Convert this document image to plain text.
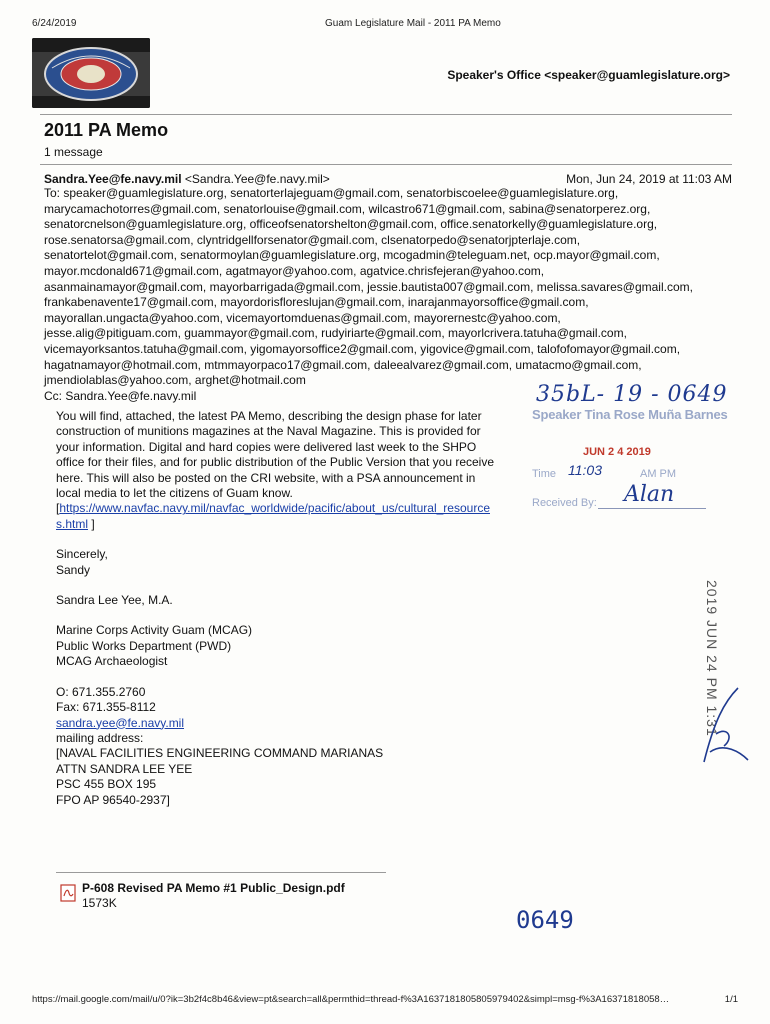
6/24/2019	Guam Legislature Mail - 2011 PA Memo
Speaker's Office <speaker@guamlegislature.org>
2011 PA Memo
1 message
Sandra.Yee@fe.navy.mil <Sandra.Yee@fe.navy.mil>	Mon, Jun 24, 2019 at 11:03 AM
To: speaker@guamlegislature.org, senatorterlajeguam@gmail.com, senatorbiscoelee@guamlegislature.org,
marycamachotorres@gmail.com, senatorlouise@gmail.com, wilcastro671@gmail.com, sabina@senatorperez.org,
senatorcnelson@guamlegislature.org, officeofsenatorshelton@gmail.com, office.senatorkelly@guamlegislature.org,
rose.senatorsa@gmail.com, clyntridgellforsenator@gmail.com, clsenatorpedo@senatorjpterlaje.com,
senatortelot@gmail.com, senatormoylan@guamlegislature.org, mcogadmin@teleguam.net, ocp.mayor@gmail.com,
mayor.mcdonald671@gmail.com, agatmayor@yahoo.com, agatvice.chrisfejeran@yahoo.com,
asanmainamayor@gmail.com, mayorbarrigada@gmail.com, jessie.bautista007@gmail.com, melissa.savares@gmail.com,
frankabenavente17@gmail.com, mayordorisfloreslujan@gmail.com, inarajanmayorsoffice@gmail.com,
mayorallan.ungacta@yahoo.com, vicemayortomduenas@gmail.com, mayorernestc@yahoo.com,
jesse.alig@pitiguam.com, guammayor@gmail.com, rudyiriarte@gmail.com, mayorlcrivera.tatuha@gmail.com,
vicemayorksantos.tatuha@gmail.com, yigomayorsoffice2@gmail.com, yigovice@gmail.com, talofofomayor@gmail.com,
hagatnamayor@hotmail.com, mtmmayorpaco17@gmail.com, daleealvarez@gmail.com, umatacmo@gmail.com,
jmendiolablas@yahoo.com, arghet@hotmail.com
Cc: Sandra.Yee@fe.navy.mil

You will find, attached, the latest PA Memo, describing the design phase for later construction of munitions magazines at the Naval Magazine. This is provided for your information. Digital and hard copies were delivered last week to the SHPO office for their files, and for public distribution of the Public Version that you receive here. This will also be posted on the CRI website, with a PSA announcement in local media to let the citizens of Guam know.

[https://www.navfac.navy.mil/navfac_worldwide/pacific/about_us/cultural_resources.html ]

Sincerely,
Sandy
Sandra Lee Yee, M.A.
Marine Corps Activity Guam (MCAG)
Public Works Department (PWD)
MCAG Archaeologist
O: 671.355.2760
Fax: 671.355-8112
sandra.yee@fe.navy.mil
mailing address:
[NAVAL FACILITIES ENGINEERING COMMAND MARIANAS
ATTN SANDRA LEE YEE
PSC 455 BOX 195
FPO AP 96540-2937]
35bL- 19 - 0649
Speaker Tina Rose Muña Barnes
JUN 2 4 2019
Time 11:03	AM PM
Received By: Alan
2019 JUN 24 PM 1:31
P-608 Revised PA Memo #1 Public_Design.pdf
1573K
0649
https://mail.google.com/mail/u/0?ik=3b2f4c8b46&view=pt&search=all&permthid=thread-f%3A1637181805805979402&simpl=msg-f%3A16371818058…	1/1
